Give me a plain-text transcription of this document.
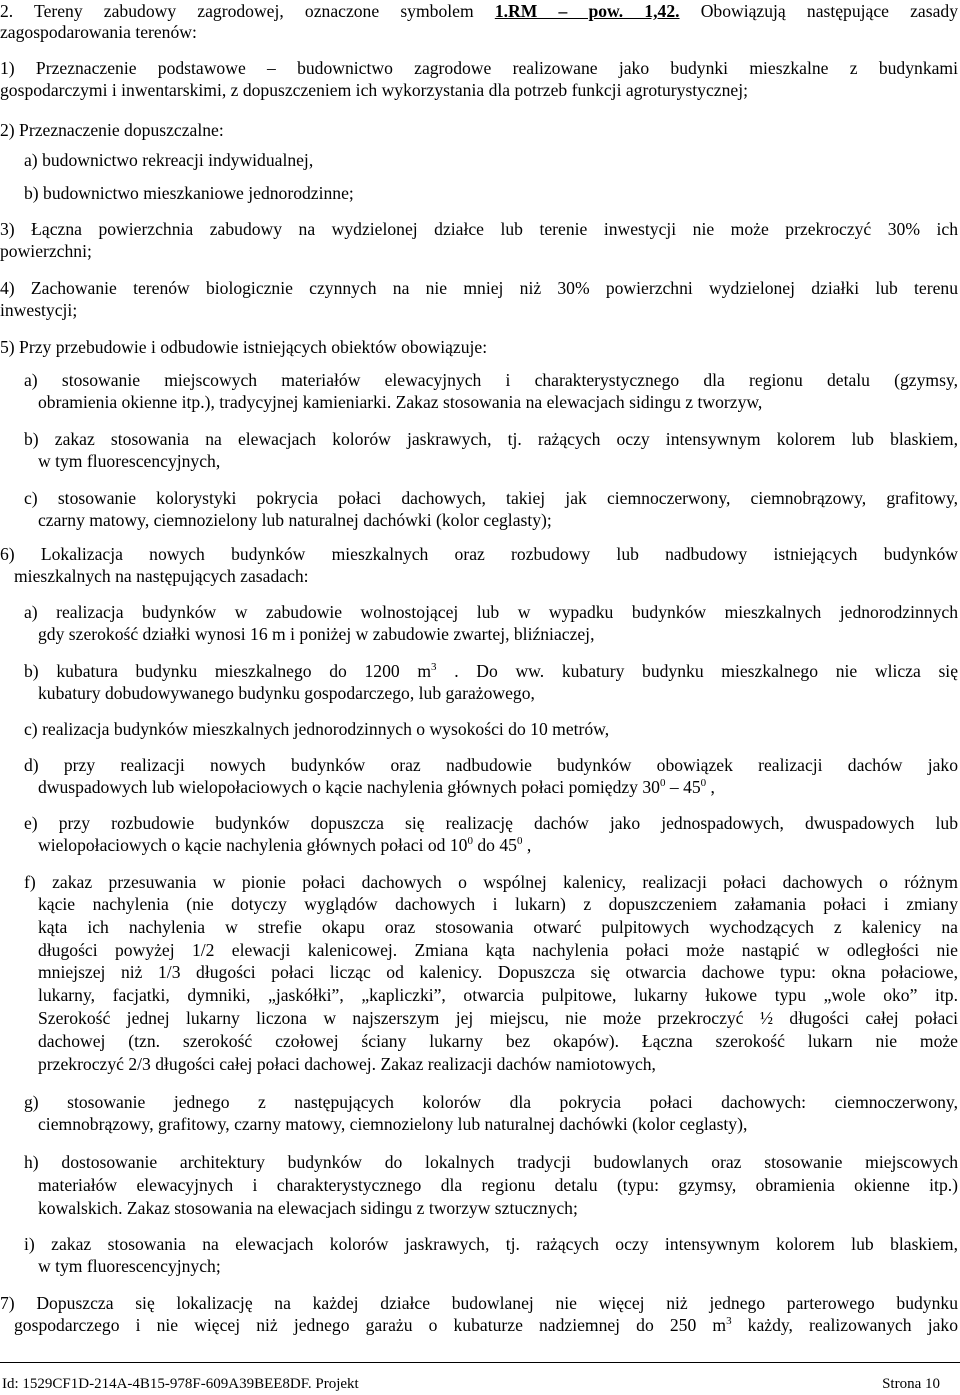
2. Tereny zabudowy zagrodowej, oznaczone symbolem 1.RM – pow. 1,42. Obowiązują następujące zasady
zagospodarowania terenów:
1) Przeznaczenie podstawowe – budownictwo zagrodowe realizowane jako budynki mieszkalne z budynkami
gospodarczymi i inwentarskimi, z dopuszczeniem ich wykorzystania dla potrzeb funkcji agroturystycznej;
2) Przeznaczenie dopuszczalne:
a) budownictwo rekreacji indywidualnej,
b) budownictwo mieszkaniowe jednorodzinne;
3) Łączna powierzchnia zabudowy na wydzielonej działce lub terenie inwestycji nie może przekroczyć 30% ich
powierzchni;
4) Zachowanie terenów biologicznie czynnych na nie mniej niż 30% powierzchni wydzielonej działki lub terenu
inwestycji;
5) Przy przebudowie i odbudowie istniejących obiektów obowiązuje:
a) stosowanie miejscowych materiałów elewacyjnych i charakterystycznego dla regionu detalu (gzymsy,
obramienia okienne itp.), tradycyjnej kamieniarki. Zakaz stosowania na elewacjach sidingu z tworzyw,
b) zakaz stosowania na elewacjach kolorów jaskrawych, tj. rażących oczy intensywnym kolorem lub blaskiem,
w tym fluorescencyjnych,
c) stosowanie kolorystyki pokrycia połaci dachowych, takiej jak ciemnoczerwony, ciemnobrązowy, grafitowy,
czarny matowy, ciemnozielony lub naturalnej dachówki (kolor ceglasty);
6) Lokalizacja nowych budynków mieszkalnych oraz rozbudowy lub nadbudowy istniejących budynków
mieszkalnych na następujących zasadach:
a) realizacja budynków w zabudowie wolnostojącej lub w wypadku budynków mieszkalnych jednorodzinnych
gdy szerokość działki wynosi 16 m i poniżej w zabudowie zwartej, bliźniaczej,
b) kubatura budynku mieszkalnego do 1200 $m^3$ . Do ww. kubatury budynku mieszkalnego nie wlicza się
kubatury dobudowywanego budynku gospodarczego, lub garażowego,
c) realizacja budynków mieszkalnych jednorodzinnych o wysokości do 10 metrów,
d) przy realizacji nowych budynków oraz nadbudowie budynków obowiązek realizacji dachów jako
dwuspadowych lub wielopołaciowych o kącie nachylenia głównych połaci pomiędzy $30^0 - 45^0$ ,
e) przy rozbudowie budynków dopuszcza się realizację dachów jako jednospadowych, dwuspadowych lub
wielopołaciowych o kącie nachylenia głównych połaci od $10^0$ do $45^0$ ,
f) zakaz przesuwania w pionie połaci dachowych o wspólnej kalenicy, realizacji połaci dachowych o różnym
kącie nachylenia (nie dotyczy wyglądów dachowych i lukarn) z dopuszczeniem załamania połaci i zmiany
kąta ich nachylenia w strefie okapu oraz stosowania otwarć pulpitowych wychodzących z kalenicy na
długości powyżej 1/2 elewacji kalenicowej. Zmiana kąta nachylenia połaci może nastąpić w odległości nie
mniejszej niż 1/3 długości połaci licząc od kalenicy. Dopuszcza się otwarcia dachowe typu: okna połaciowe,
lukarny, facjatki, dymniki, „jaskółki”, „kapliczki”, otwarcia pulpitowe, lukarny łukowe typu „wole oko” itp.
Szerokość jednej lukarny liczona w najszerszym jej miejscu, nie może przekroczyć ½ długości całej połaci
dachowej (tzn. szerokość czołowej ściany lukarny bez okapów). Łączna szerokość lukarn nie może
przekroczyć 2/3 długości całej połaci dachowej. Zakaz realizacji dachów namiotowych,
g) stosowanie jednego z następujących kolorów dla pokrycia połaci dachowych: ciemnoczerwony,
ciemnobrązowy, grafitowy, czarny matowy, ciemnozielony lub naturalnej dachówki (kolor ceglasty),
h) dostosowanie architektury budynków do lokalnych tradycji budowlanych oraz stosowanie miejscowych
materiałów elewacyjnych i charakterystycznego dla regionu detalu (typu: gzymsy, obramienia okienne itp.)
kowalskich. Zakaz stosowania na elewacjach sidingu z tworzyw sztucznych;
i) zakaz stosowania na elewacjach kolorów jaskrawych, tj. rażących oczy intensywnym kolorem lub blaskiem,
w tym fluorescencyjnych;
7) Dopuszcza się lokalizację na każdej działce budowlanej nie więcej niż jednego parterowego budynku
gospodarczego i nie więcej niż jednego garażu o kubaturze nadziemnej do 250 $m^3$ każdy, realizowanych jako
Id: 1529CF1D-214A-4B15-978F-609A39BEE8DF. Projekt	Strona 10
